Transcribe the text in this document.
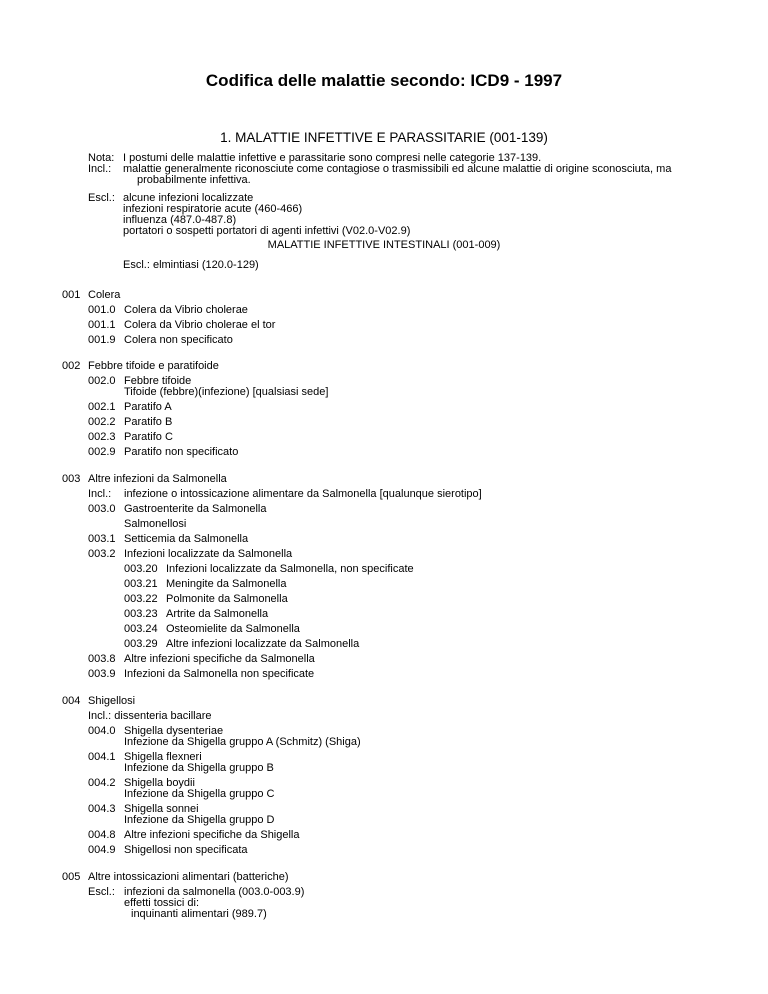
Codifica delle malattie secondo: ICD9 - 1997
1. MALATTIE INFETTIVE E PARASSITARIE (001-139)
Nota: I postumi delle malattie infettive e parassitarie sono compresi nelle categorie 137-139.
Incl.: malattie generalmente riconosciute come contagiose o trasmissibili ed alcune malattie di origine sconosciuta, ma
probabilmente infettiva.
Escl.: alcune infezioni localizzate
infezioni respiratorie acute (460-466)
influenza (487.0-487.8)
portatori o sospetti portatori di agenti infettivi (V02.0-V02.9)
MALATTIE INFETTIVE INTESTINALI (001-009)
Escl.: elmintiasi (120.0-129)
001 Colera
001.0 Colera da Vibrio cholerae
001.1 Colera da Vibrio cholerae el tor
001.9 Colera non specificato
002 Febbre tifoide e paratifoide
002.0 Febbre tifoide
Tifoide (febbre)(infezione) [qualsiasi sede]
002.1 Paratifo A
002.2 Paratifo B
002.3 Paratifo C
002.9 Paratifo non specificato
003 Altre infezioni da Salmonella
Incl.: infezione o intossicazione alimentare da Salmonella [qualunque sierotipo]
003.0 Gastroenterite da Salmonella
Salmonellosi
003.1 Setticemia da Salmonella
003.2 Infezioni localizzate da Salmonella
003.20 Infezioni localizzate da Salmonella, non specificate
003.21 Meningite da Salmonella
003.22 Polmonite da Salmonella
003.23 Artrite da Salmonella
003.24 Osteomielite da Salmonella
003.29 Altre infezioni localizzate da Salmonella
003.8 Altre infezioni specifiche da Salmonella
003.9 Infezioni da Salmonella non specificate
004 Shigellosi
Incl.: dissenteria bacillare
004.0 Shigella dysenteriae
Infezione da Shigella gruppo A (Schmitz) (Shiga)
004.1 Shigella flexneri
Infezione da Shigella gruppo B
004.2 Shigella boydii
Infezione da Shigella gruppo C
004.3 Shigella sonnei
Infezione da Shigella gruppo D
004.8 Altre infezioni specifiche da Shigella
004.9 Shigellosi non specificata
005 Altre intossicazioni alimentari (batteriche)
Escl.: infezioni da salmonella (003.0-003.9)
effetti tossici di:
inquinanti alimentari (989.7)
